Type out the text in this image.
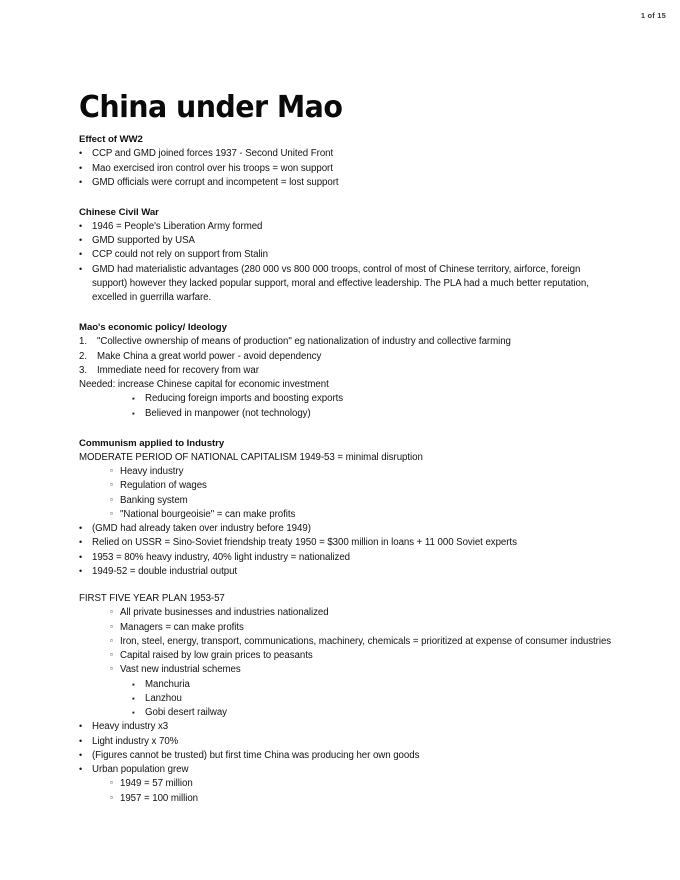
1 of 15
China under Mao
Effect of WW2
•	CCP and GMD joined forces 1937 - Second United Front
•	Mao exercised iron control over his troops = won support
•	GMD officials were corrupt and incompetent = lost support
Chinese Civil War
•	1946 = People's Liberation Army formed
•	GMD supported by USA
•	CCP could not rely on support from Stalin
•	GMD had materialistic advantages (280 000 vs 800 000 troops, control of most of Chinese territory, airforce, foreign support) however they lacked popular support, moral and effective leadership. The PLA had a much better reputation, excelled in guerrilla warfare.
Mao's economic policy/ Ideology
1.	"Collective ownership of means of production" eg nationalization of industry and collective farming
2.	Make China a great world power - avoid dependency
3.	Immediate need for recovery from war
Needed: increase Chinese capital for economic investment
▪	Reducing foreign imports and boosting exports
▪	Believed in manpower (not technology)
Communism applied to Industry
MODERATE PERIOD OF NATIONAL CAPITALISM 1949-53 = minimal disruption
▫ Heavy industry
▫ Regulation of wages
▫ Banking system
▫ "National bourgeoisie" = can make profits
•	(GMD had already taken over industry before 1949)
•	Relied on USSR = Sino-Soviet friendship treaty 1950 = $300 million in loans + 11 000 Soviet experts
•	1953 = 80% heavy industry, 40% light industry = nationalized
•	1949-52 = double industrial output
FIRST FIVE YEAR PLAN 1953-57
▫ All private businesses and industries nationalized
▫ Managers = can make profits
▫ Iron, steel, energy, transport, communications, machinery, chemicals = prioritized at expense of consumer industries
▫ Capital raised by low grain prices to peasants
▫ Vast new industrial schemes
▪	Manchuria
▪	Lanzhou
▪	Gobi desert railway
•	Heavy industry x3
•	Light industry x 70%
•	(Figures cannot be trusted) but first time China was producing her own goods
•	Urban population grew
▫ 1949 = 57 million
▫ 1957 = 100 million
